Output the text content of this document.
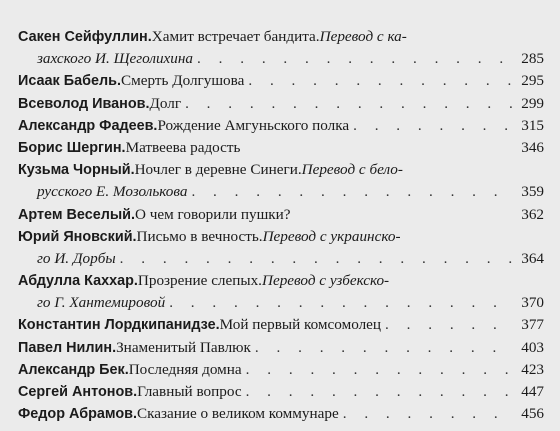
Сакен Сейфуллин. Хамит встречает бандита. Перевод с ка-
захского И. Щеголихина . . .	285
Исаак Бабель. Смерть Долгушова . . .	295
Всеволод Иванов. Долг . . .	299
Александр Фадеев. Рождение Амгуньского полка . . .	315
Борис Шергин. Матвеева радость	346
Кузьма Чорный. Ночлег в деревне Синеги. Перевод с бело-
русского Е. Мозолькова . . .	359
Артем Веселый. О чем говорили пушки?	362
Юрий Яновский. Письмо в вечность. Перевод с украинско-
го И. Дорбы . . .	364
Абдулла Каххар. Прозрение слепых. Перевод с узбекско-
го Г. Хантемировой . . .	370
Константин Лордкипанидзе. Мой первый комсомолец . . .	377
Павел Нилин. Знаменитый Павлюк . . .	403
Александр Бек. Последняя домна . . .	423
Сергей Антонов. Главный вопрос . . .	447
Федор Абрамов. Сказание о великом коммунаре . . .	456
